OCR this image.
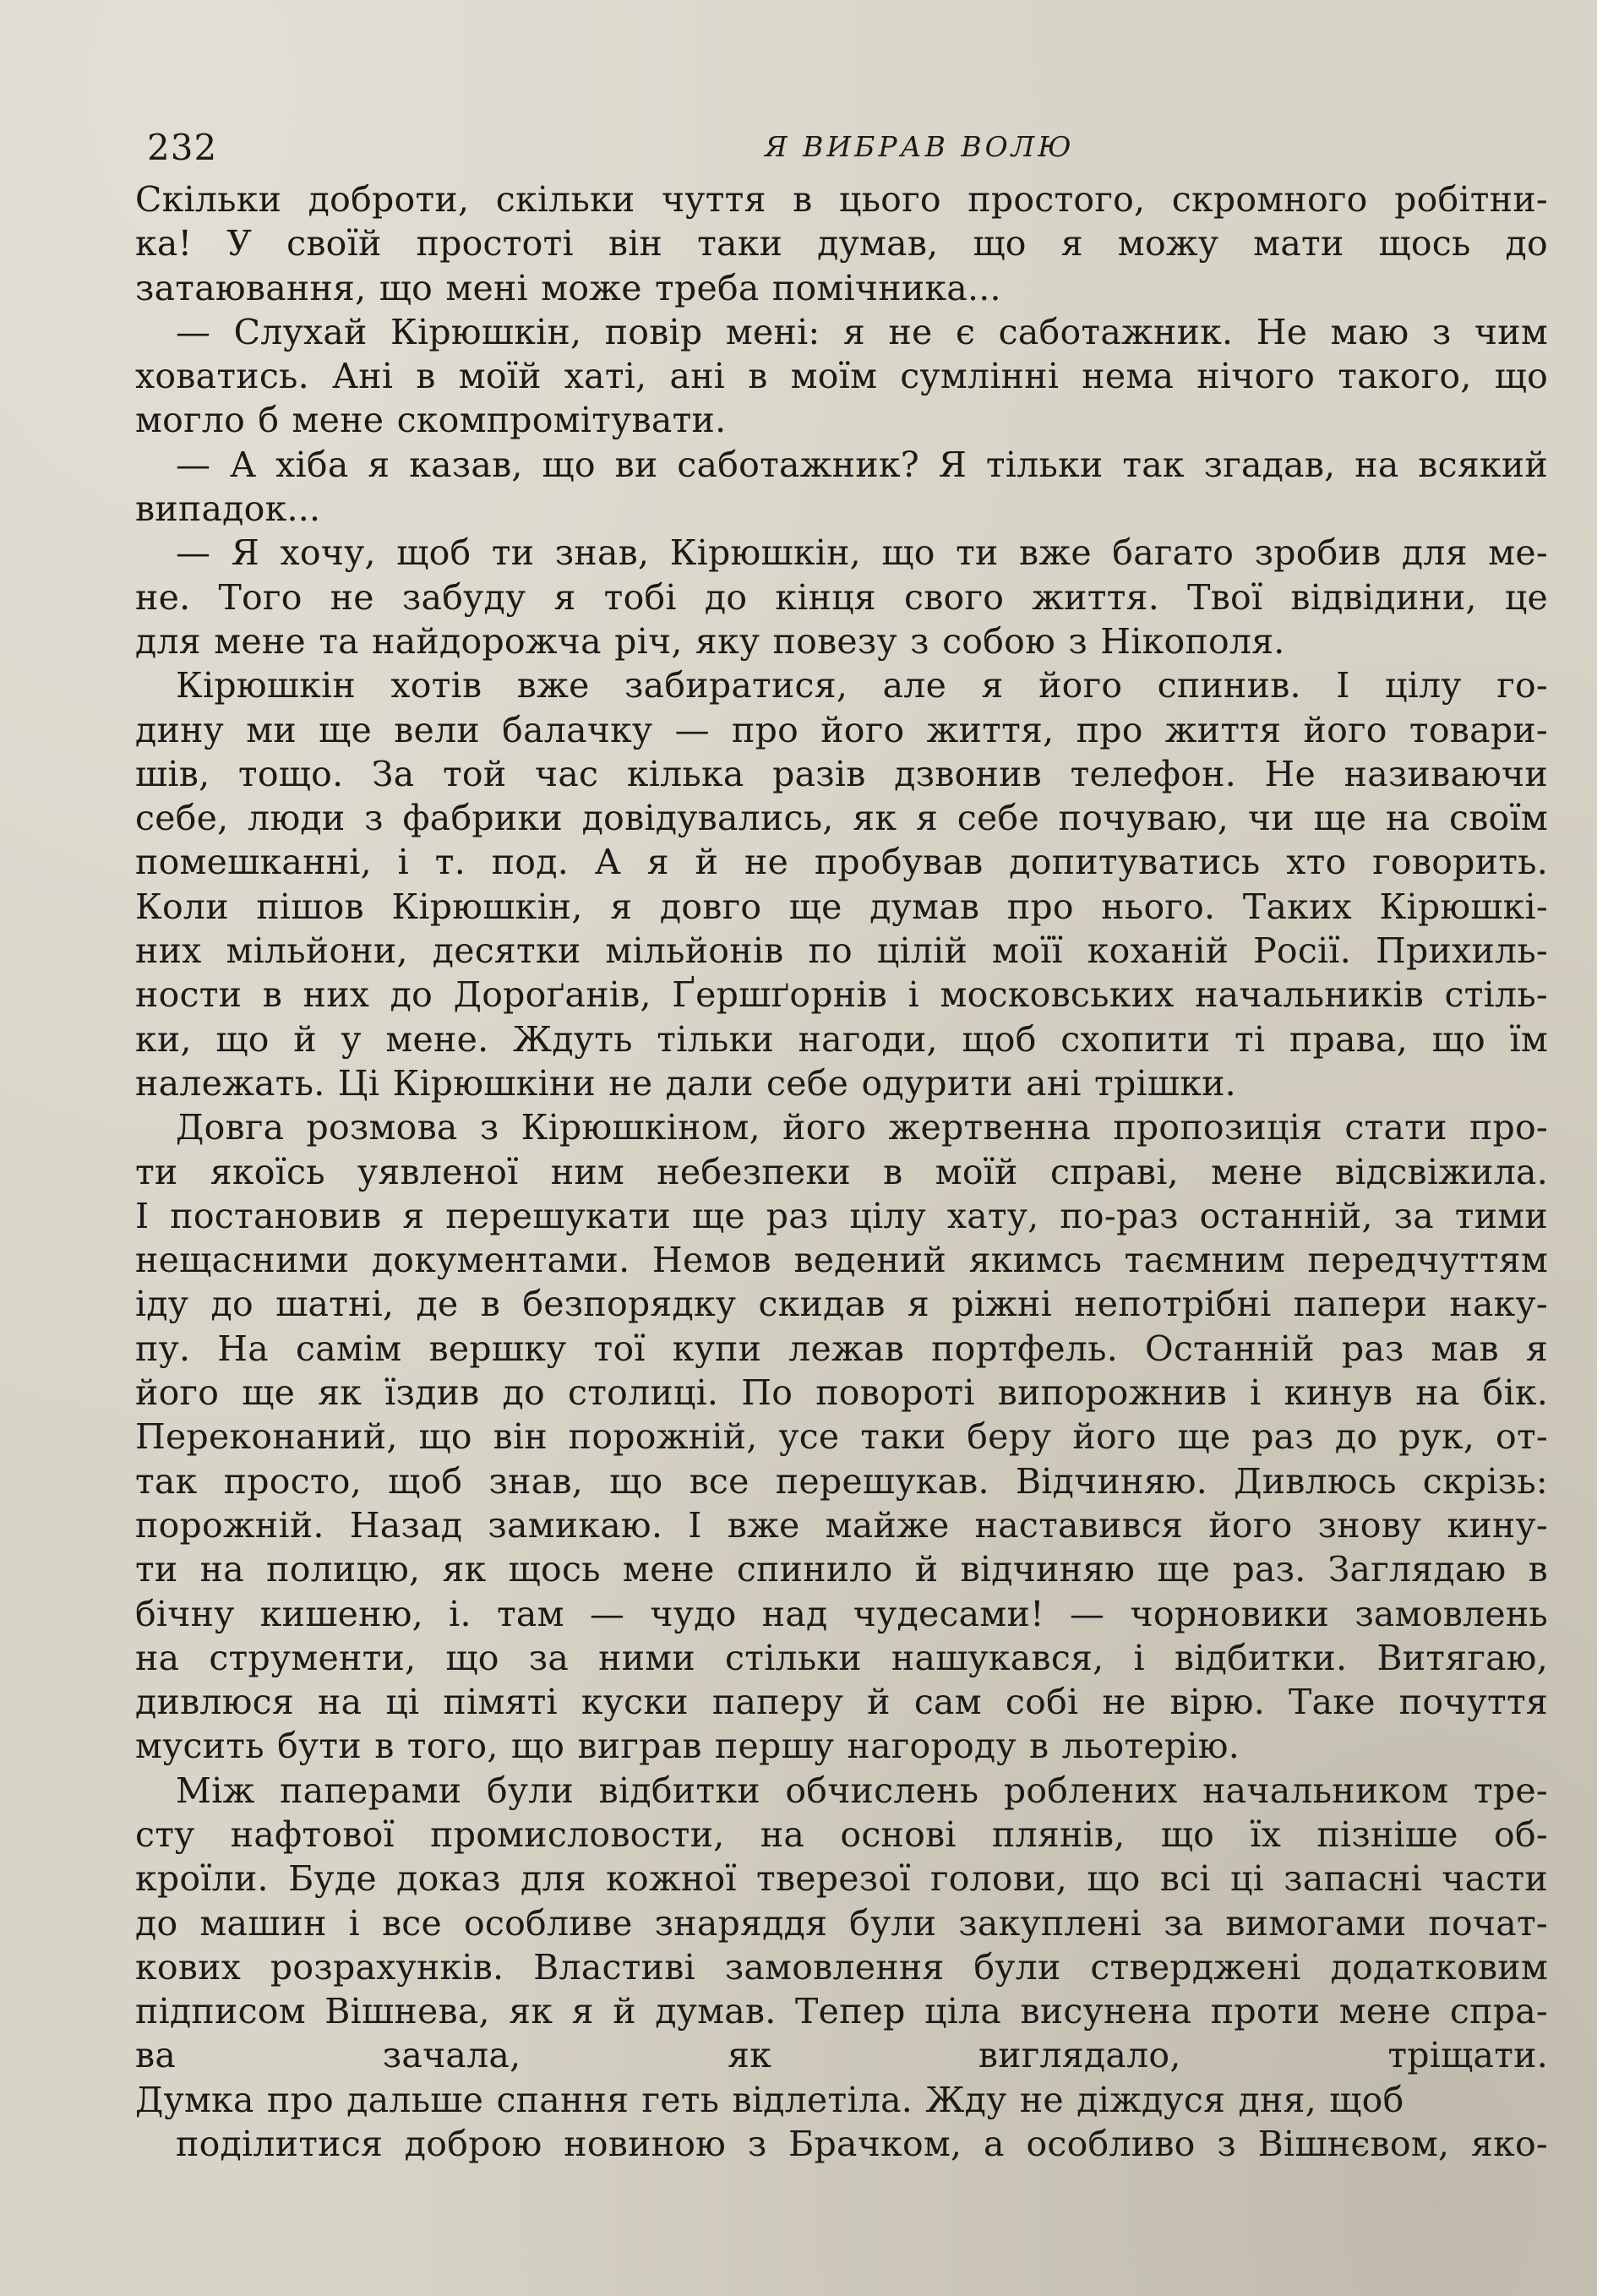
232	Я ВИБРАВ ВОЛЮ

Скільки доброти, скільки чуття в цього простого, скромного робітни-
ка! У своїй простоті він таки думав, що я можу мати щось до
затаювання, що мені може треба помічника...

— Слухай Кірюшкін, повір мені: я не є саботажник. Не маю з чим
ховатись. Ані в моїй хаті, ані в моїм сумлінні нема нічого такого, що
могло б мене скомпромітувати.

— А хіба я казав, що ви саботажник? Я тільки так згадав, на всякий
випадок...

— Я хочу, щоб ти знав, Кірюшкін, що ти вже багато зробив для ме-
не. Того не забуду я тобі до кінця свого життя. Твої відвідини, це
для мене та найдорожча річ, яку повезу з собою з Нікополя.

Кірюшкін хотів вже забиратися, але я його спинив. І цілу го-
дину ми ще вели балачку — про його життя, про життя його товари-
шів, тощо. За той час кілька разів дзвонив телефон. Не називаючи
себе, люди з фабрики довідувались, як я себе почуваю, чи ще на своїм
помешканні, і т. под. А я й не пробував допитуватись хто говорить.
Коли пішов Кірюшкін, я довго ще думав про нього. Таких Кірюшкі-
них мільйони, десятки мільйонів по цілій моїї коханій Росії. Прихиль-
ности в них до Дороґанів, Ґершґорнів і московських начальників стіль-
ки, що й у мене. Ждуть тільки нагоди, щоб схопити ті права, що їм
належать. Ці Кірюшкіни не дали себе одурити ані трішки.

Довга розмова з Кірюшкіном, його жертвенна пропозиція стати про-
ти якоїсь уявленої ним небезпеки в моїй справі, мене відсвіжила.
І постановив я перешукати ще раз цілу хату, по-раз останній, за тими
нещасними документами. Немов ведений якимсь таємним передчуттям
іду до шатні, де в безпорядку скидав я ріжні непотрібні папери наку-
пу. На самім вершку тої купи лежав портфель. Останній раз мав я
його ще як їздив до столиці. По повороті випорожнив і кинув на бік.
Переконаний, що він порожній, усе таки беру його ще раз до рук, от-
так просто, щоб знав, що все перешукав. Відчиняю. Дивлюсь скрізь:
порожній. Назад замикаю. І вже майже наставився його знову кину-
ти на полицю, як щось мене спинило й відчиняю ще раз. Заглядаю в
бічну кишеню, і. там — чудо над чудесами! — чорновики замовлень
на струменти, що за ними стільки нашукався, і відбитки. Витягаю,
дивлюся на ці пімяті куски паперу й сам собі не вірю. Таке почуття
мусить бути в того, що виграв першу нагороду в льотерію.

Між паперами були відбитки обчислень роблених начальником тре-
сту нафтової промисловости, на основі плянів, що їх пізніше об-
кроїли. Буде доказ для кожної тверезої голови, що всі ці запасні части
до машин і все особливе знаряддя були закуплені за вимогами почат-
кових розрахунків. Властиві замовлення були стверджені додатковим
підписом Вішнева, як я й думав. Тепер ціла висунена проти мене спра-
ва зачала, як виглядало, тріщати.
Думка про дальше спання геть відлетіла. Жду не діждуся дня, щоб

поділитися доброю новиною з Брачком, а особливо з Вішнєвом, яко-
